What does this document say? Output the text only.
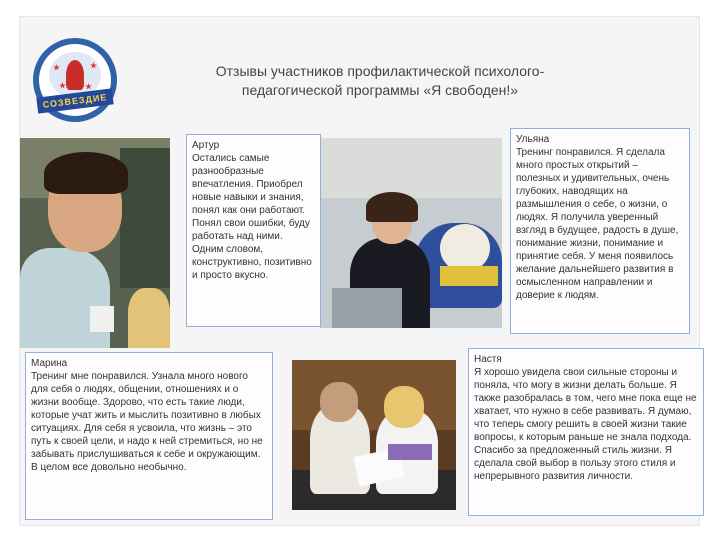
СОЗВЕЗДИЕ
Отзывы участников профилактической психолого-
педагогической программы «Я свободен!»
Артур
Остались самые разнообразные впечатления. Приобрел новые навыки и знания, понял как они работают. Понял свои ошибки, буду работать над ними. Одним словом, конструктивно, позитивно и просто вкусно.
Ульяна
Тренинг понравился. Я сделала много простых открытий – полезных и удивительных, очень глубоких, наводящих на размышления о себе, о жизни, о людях. Я получила уверенный взгляд в будущее, радость в душе, понимание жизни, понимание и принятие себя. У меня появилось желание дальнейшего развития в осмысленном направлении и доверие к людям.
Марина
Тренинг мне понравился. Узнала много нового для себя о людях, общении, отношениях и о жизни вообще. Здорово, что есть такие люди, которые учат жить и мыслить позитивно в любых ситуациях. Для себя я усвоила, что жизнь – это путь к своей цели, и надо к ней стремиться, но не забывать прислушиваться к себе и окружающим. В целом все довольно необычно.
Настя
Я хорошо увидела свои сильные стороны и поняла, что могу в жизни делать больше. Я также разобралась в том, чего мне пока еще не хватает, что нужно в себе развивать. Я думаю, что теперь смогу решить в своей жизни такие вопросы, к которым раньше не знала подхода. Спасибо за предложенный стиль жизни. Я сделала свой выбор в пользу этого стиля и непрерывного развития личности.
